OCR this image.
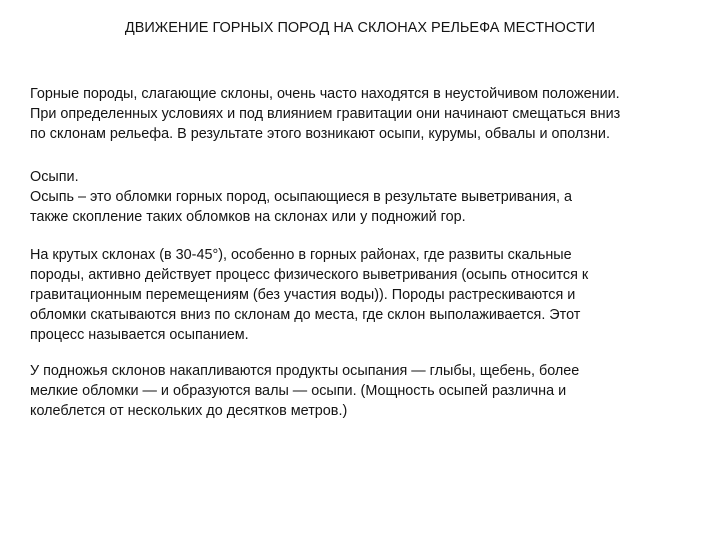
ДВИЖЕНИЕ ГОРНЫХ ПОРОД НА СКЛОНАХ РЕЛЬЕФА МЕСТНОСТИ
Горные породы, слагающие склоны, очень часто находятся в неустойчивом положении.
При определенных условиях и под влиянием гравитации они начинают смещаться вниз
по склонам рельефа. В результате этого возникают осыпи, курумы, обвалы и оползни.
Осыпи.
Осыпь – это обломки горных пород, осыпающиеся в результате выветривания, а
также скопление таких обломков на склонах или у подножий гор.
На крутых склонах (в 30-45°), особенно в горных районах, где развиты скальные
породы, активно действует процесс физического выветривания (осыпь относится к
гравитационным перемещениям (без участия воды)). Породы растрескиваются и
обломки скатываются вниз по склонам до места, где склон выполаживается. Этот
процесс называется осыпанием.
У подножья склонов накапливаются продукты осыпания — глыбы, щебень, более
мелкие обломки — и образуются валы — осыпи. (Мощность осыпей различна и
колеблется от нескольких до десятков метров.)
